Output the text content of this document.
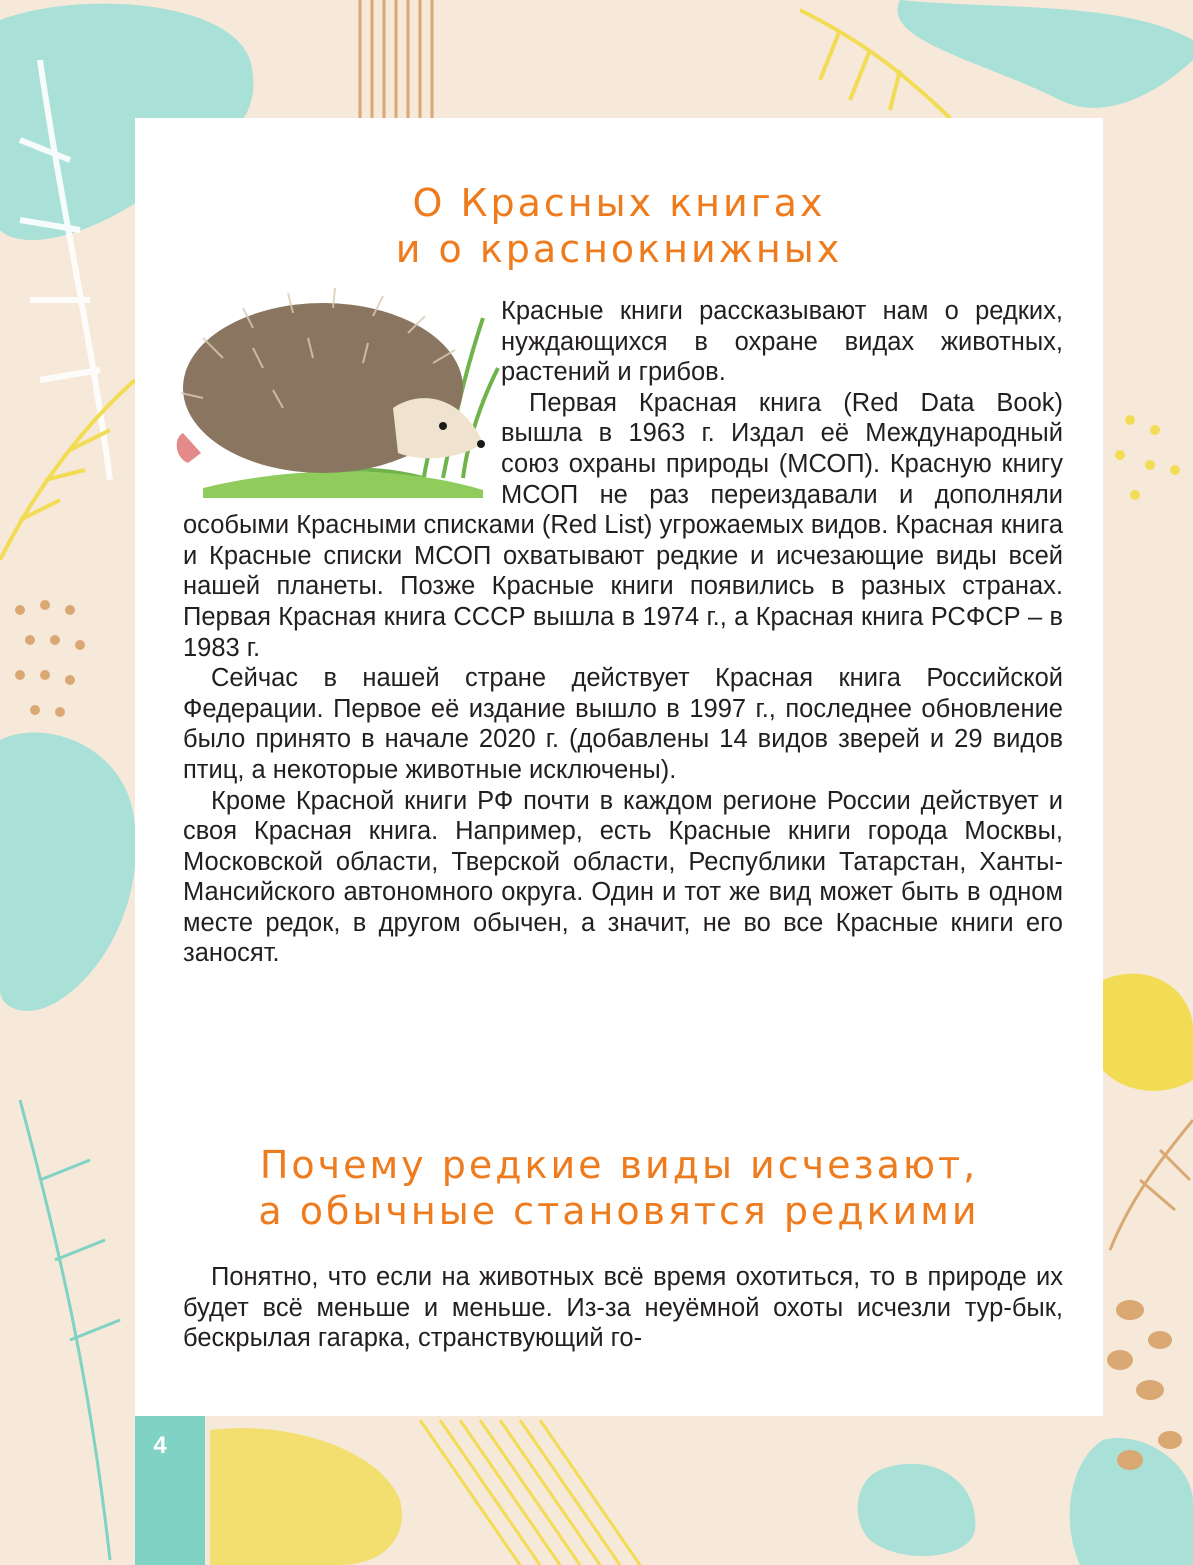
О Красных книгах
и о краснокнижных

Красные книги рассказывают нам о редких, нуждающихся в охране видах животных, растений и грибов.

Первая Красная книга (Red Data Book) вышла в 1963 г. Издал её Международный союз охраны природы (МСОП). Красную книгу МСОП не раз переиздавали и дополняли особыми Красными списками (Red List) угрожаемых видов. Красная книга и Красные списки МСОП охватывают редкие и исчезающие виды всей нашей планеты. Позже Красные книги появились в разных странах. Первая Красная книга СССР вышла в 1974 г., а Красная книга РСФСР – в 1983 г.

Сейчас в нашей стране действует Красная книга Российской Федерации. Первое её издание вышло в 1997 г., последнее обновление было принято в начале 2020 г. (добавлены 14 видов зверей и 29 видов птиц, а некоторые животные исключены).

Кроме Красной книги РФ почти в каждом регионе России действует и своя Красная книга. Например, есть Красные книги города Москвы, Московской области, Тверской области, Республики Татарстан, Ханты-Мансийского автономного округа. Один и тот же вид может быть в одном месте редок, в другом обычен, а значит, не во все Красные книги его заносят.

Почему редкие виды исчезают,
а обычные становятся редкими

Понятно, что если на животных всё время охотиться, то в природе их будет всё меньше и меньше. Из-за неуёмной охоты исчезли тур-бык, бескрылая гагарка, странствующий го-

4
